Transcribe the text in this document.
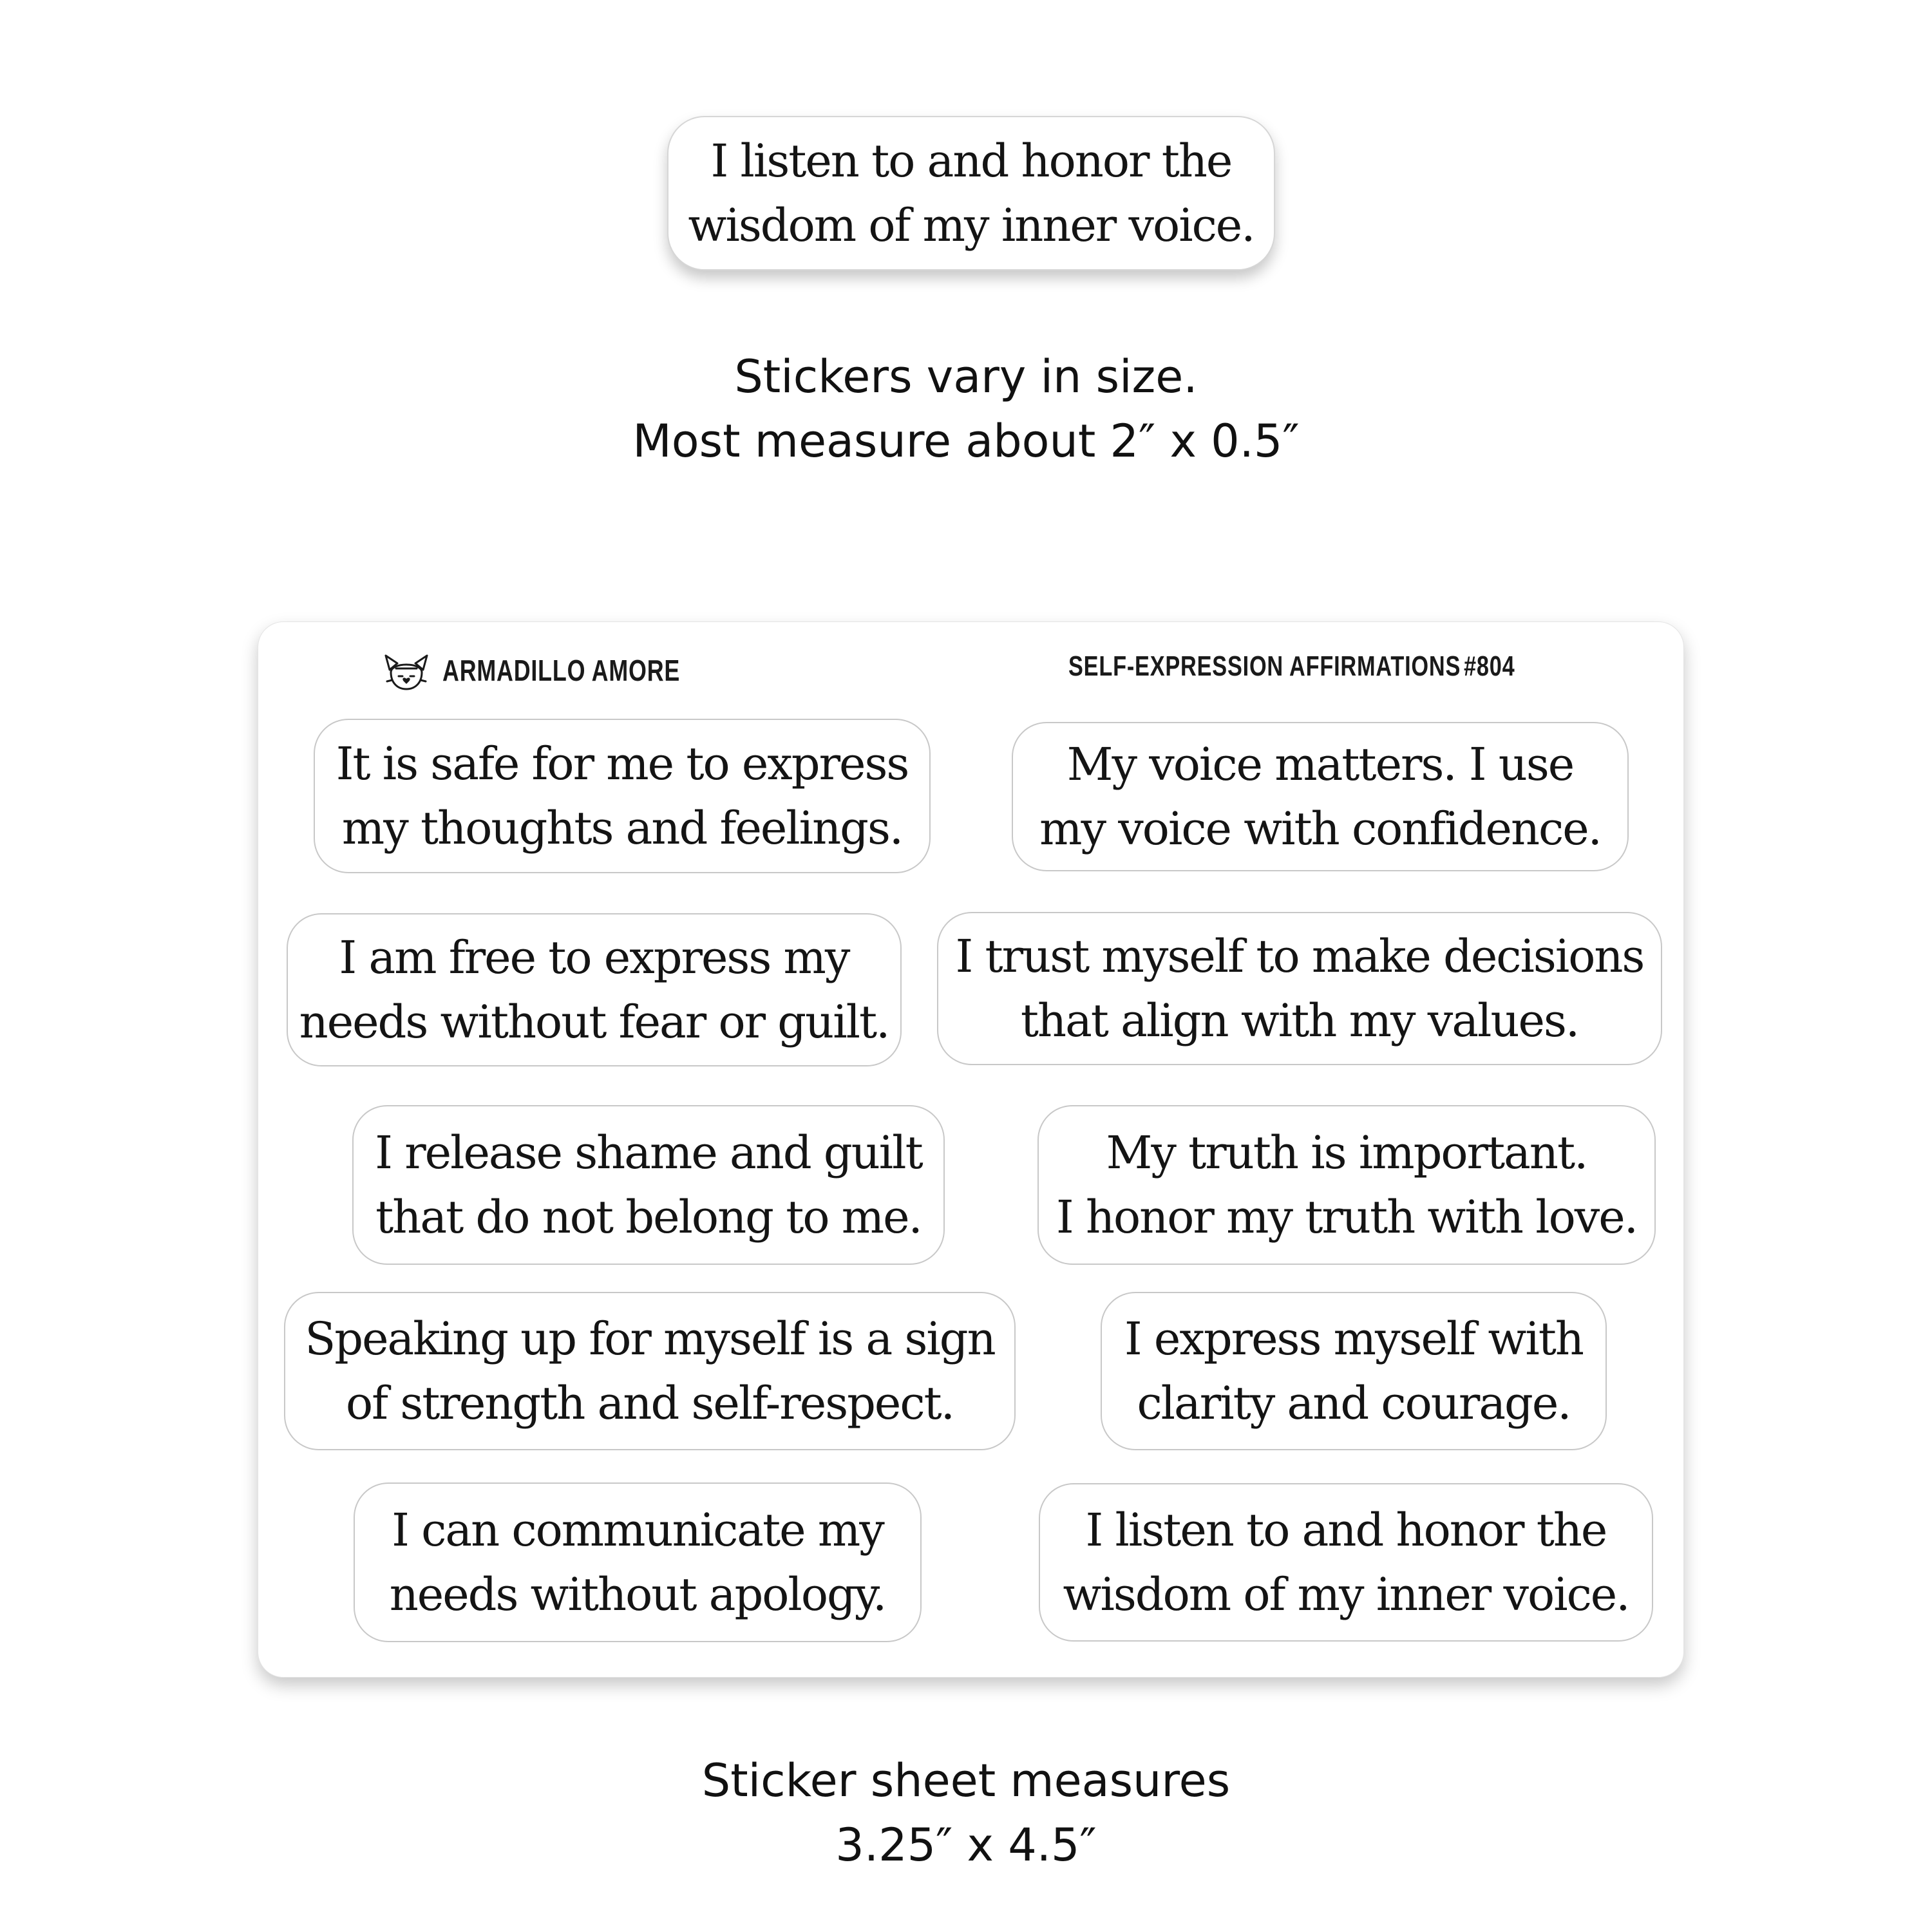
I listen to and honor the
wisdom of my inner voice.
Stickers vary in size.
Most measure about 2″ x 0.5″
ARMADILLO AMORE	SELF-EXPRESSION AFFIRMATIONS #804
It is safe for me to express
my thoughts and feelings.
My voice matters. I use
my voice with confidence.
I am free to express my
needs without fear or guilt.
I trust myself to make decisions
that align with my values.
I release shame and guilt
that do not belong to me.
My truth is important.
I honor my truth with love.
Speaking up for myself is a sign
of strength and self-respect.
I express myself with
clarity and courage.
I can communicate my
needs without apology.
I listen to and honor the
wisdom of my inner voice.
Sticker sheet measures
3.25″ x 4.5″
